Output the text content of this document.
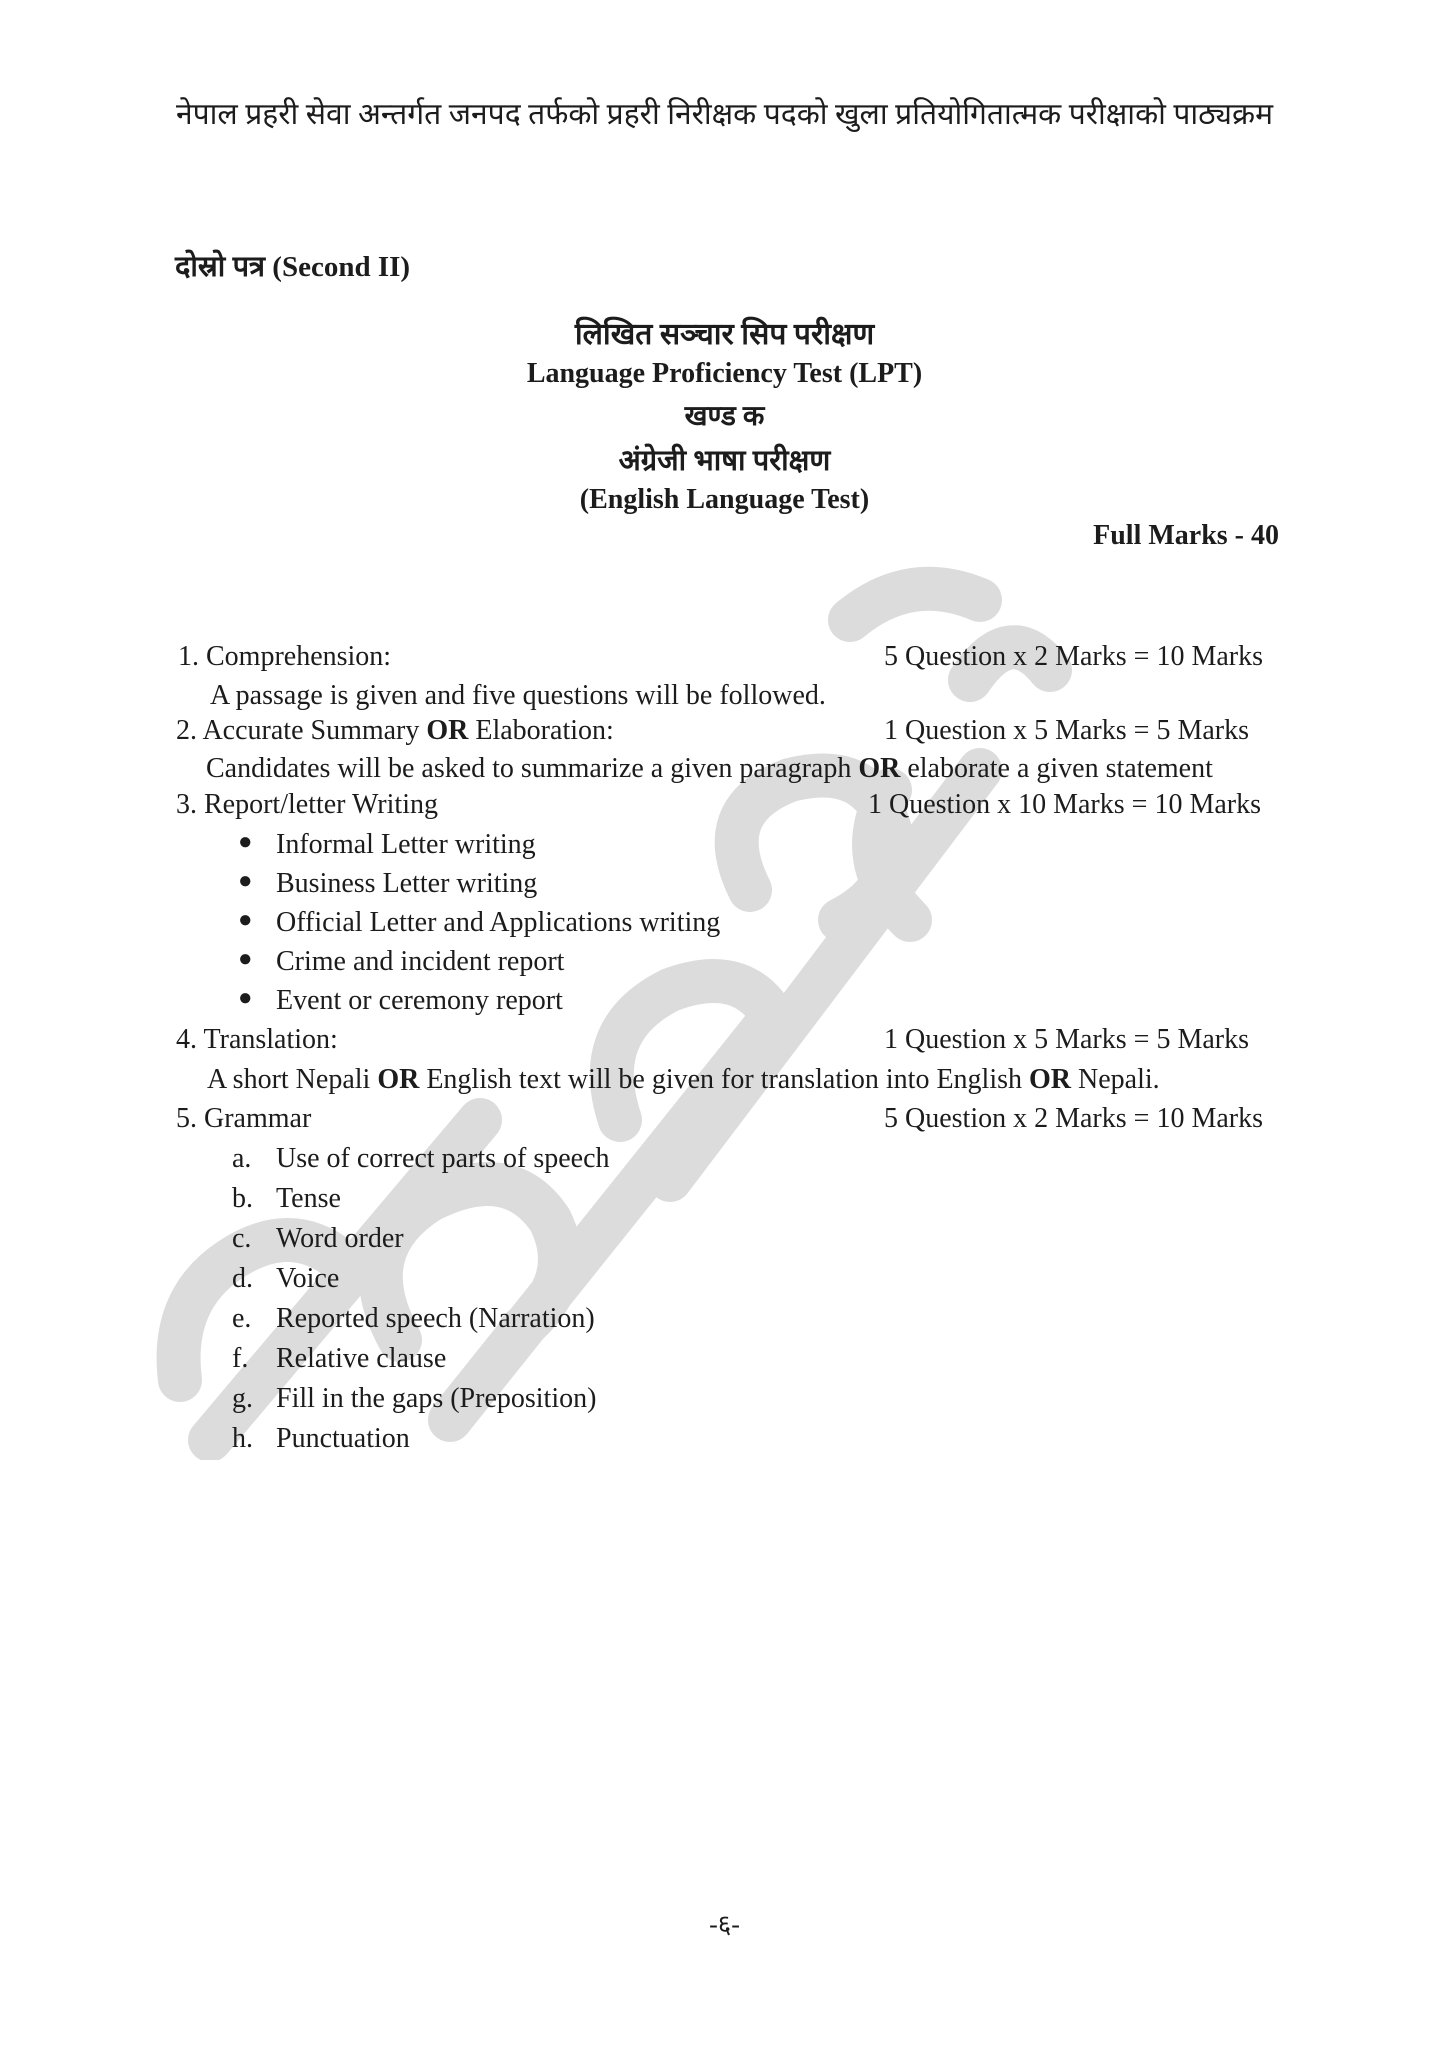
नेपाल प्रहरी सेवा अन्तर्गत जनपद तर्फको प्रहरी निरीक्षक पदको खुला प्रतियोगितात्मक परीक्षाको पाठ्यक्रम
दोस्रो पत्र (Second II)
लिखित सञ्चार सिप परीक्षण
Language Proficiency Test (LPT)
खण्ड क
अंग्रेजी भाषा परीक्षण
(English Language Test)
Full Marks - 40
1. Comprehension:	5 Question x 2 Marks = 10 Marks
A passage is given and five questions will be followed.
2. Accurate Summary OR Elaboration:	1 Question x 5 Marks = 5 Marks
Candidates will be asked to summarize a given paragraph OR elaborate a given statement
3. Report/letter Writing	1 Question x 10 Marks = 10 Marks
● Informal Letter writing
● Business Letter writing
● Official Letter and Applications writing
● Crime and incident report
● Event or ceremony report
4. Translation:	1 Question x 5 Marks = 5 Marks
A short Nepali OR English text will be given for translation into English OR Nepali.
5. Grammar	5 Question x 2 Marks = 10 Marks
a. Use of correct parts of speech
b. Tense
c. Word order
d. Voice
e. Reported speech (Narration)
f. Relative clause
g. Fill in the gaps (Preposition)
h. Punctuation
-६-
